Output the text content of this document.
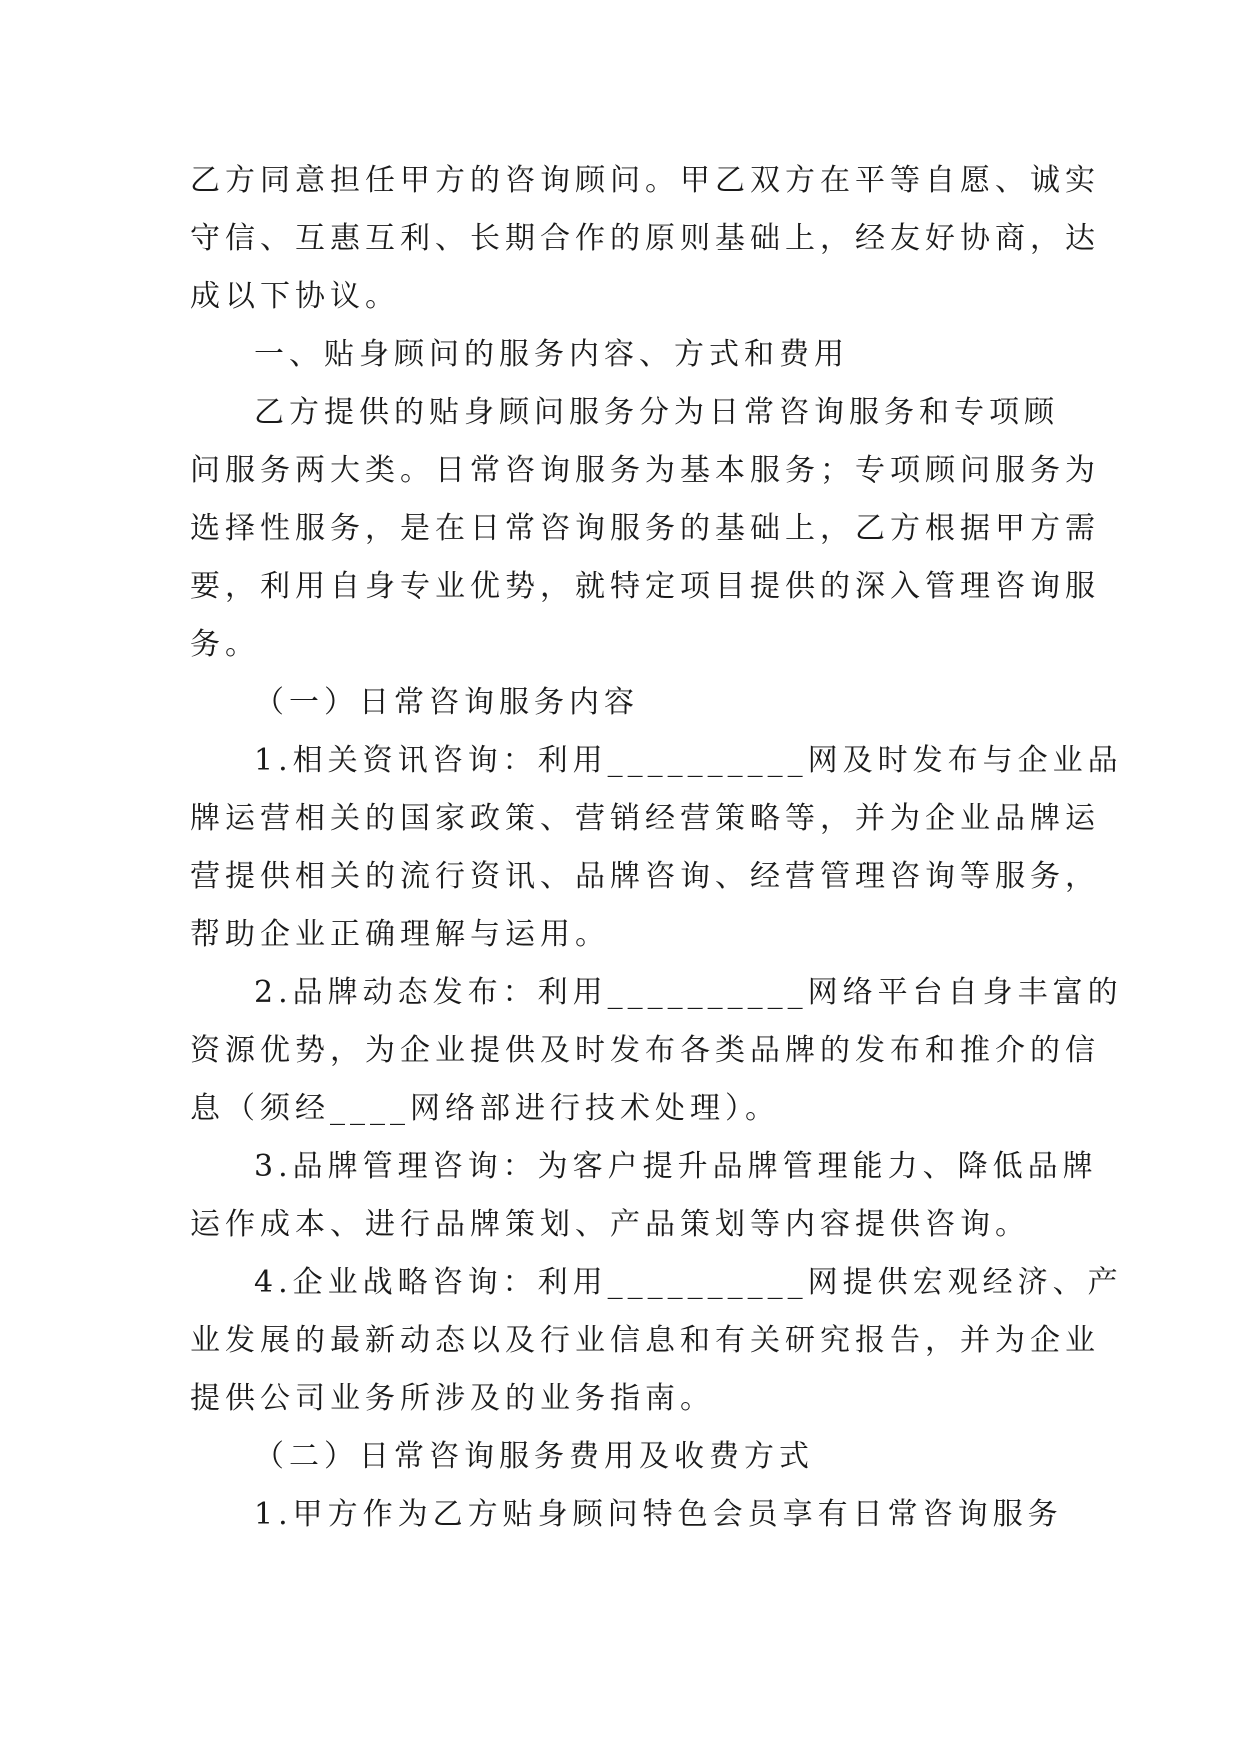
乙方同意担任甲方的咨询顾问。甲乙双方在平等自愿、诚实
守信、互惠互利、长期合作的原则基础上，经友好协商，达
成以下协议。
一、贴身顾问的服务内容、方式和费用
乙方提供的贴身顾问服务分为日常咨询服务和专项顾
问服务两大类。日常咨询服务为基本服务；专项顾问服务为
选择性服务，是在日常咨询服务的基础上，乙方根据甲方需
要，利用自身专业优势，就特定项目提供的深入管理咨询服
务。
（一）日常咨询服务内容
1.相关资讯咨询：利用__________网及时发布与企业品
牌运营相关的国家政策、营销经营策略等，并为企业品牌运
营提供相关的流行资讯、品牌咨询、经营管理咨询等服务，
帮助企业正确理解与运用。
2.品牌动态发布：利用__________网络平台自身丰富的
资源优势，为企业提供及时发布各类品牌的发布和推介的信
息（须经____网络部进行技术处理）。
3.品牌管理咨询：为客户提升品牌管理能力、降低品牌
运作成本、进行品牌策划、产品策划等内容提供咨询。
4.企业战略咨询：利用__________网提供宏观经济、产
业发展的最新动态以及行业信息和有关研究报告，并为企业
提供公司业务所涉及的业务指南。
（二）日常咨询服务费用及收费方式
1.甲方作为乙方贴身顾问特色会员享有日常咨询服务
